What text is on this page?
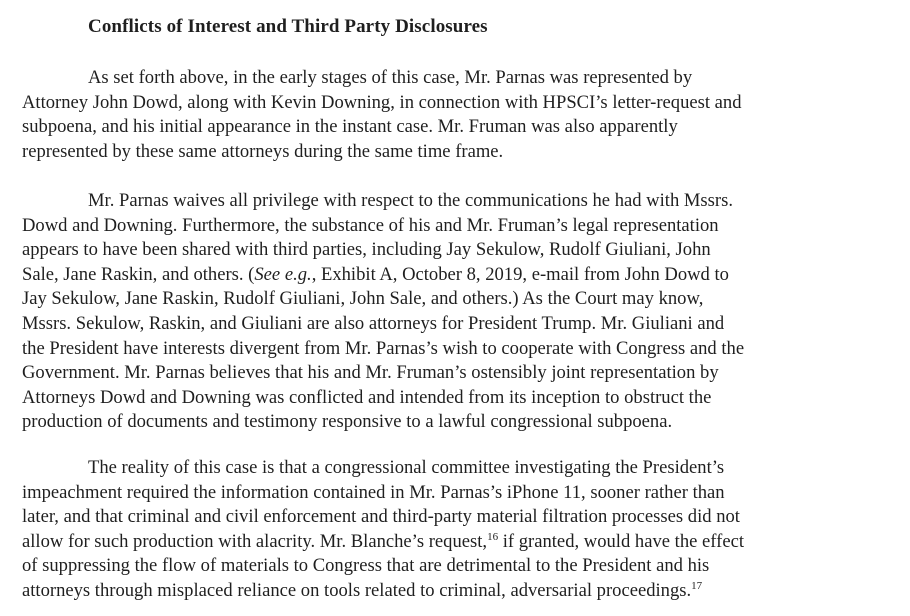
Conflicts of Interest and Third Party Disclosures
As set forth above, in the early stages of this case, Mr. Parnas was represented by
Attorney John Dowd, along with Kevin Downing, in connection with HPSCI’s letter-request and
subpoena, and his initial appearance in the instant case. Mr. Fruman was also apparently
represented by these same attorneys during the same time frame.
Mr. Parnas waives all privilege with respect to the communications he had with Mssrs.
Dowd and Downing. Furthermore, the substance of his and Mr. Fruman’s legal representation
appears to have been shared with third parties, including Jay Sekulow, Rudolf Giuliani, John
Sale, Jane Raskin, and others. (See e.g., Exhibit A, October 8, 2019, e-mail from John Dowd to
Jay Sekulow, Jane Raskin, Rudolf Giuliani, John Sale, and others.) As the Court may know,
Mssrs. Sekulow, Raskin, and Giuliani are also attorneys for President Trump. Mr. Giuliani and
the President have interests divergent from Mr. Parnas’s wish to cooperate with Congress and the
Government. Mr. Parnas believes that his and Mr. Fruman’s ostensibly joint representation by
Attorneys Dowd and Downing was conflicted and intended from its inception to obstruct the
production of documents and testimony responsive to a lawful congressional subpoena.
The reality of this case is that a congressional committee investigating the President’s
impeachment required the information contained in Mr. Parnas’s iPhone 11, sooner rather than
later, and that criminal and civil enforcement and third-party material filtration processes did not
allow for such production with alacrity. Mr. Blanche’s request,$^{16}$ if granted, would have the effect
of suppressing the flow of materials to Congress that are detrimental to the President and his
attorneys through misplaced reliance on tools related to criminal, adversarial proceedings.$^{17}$
